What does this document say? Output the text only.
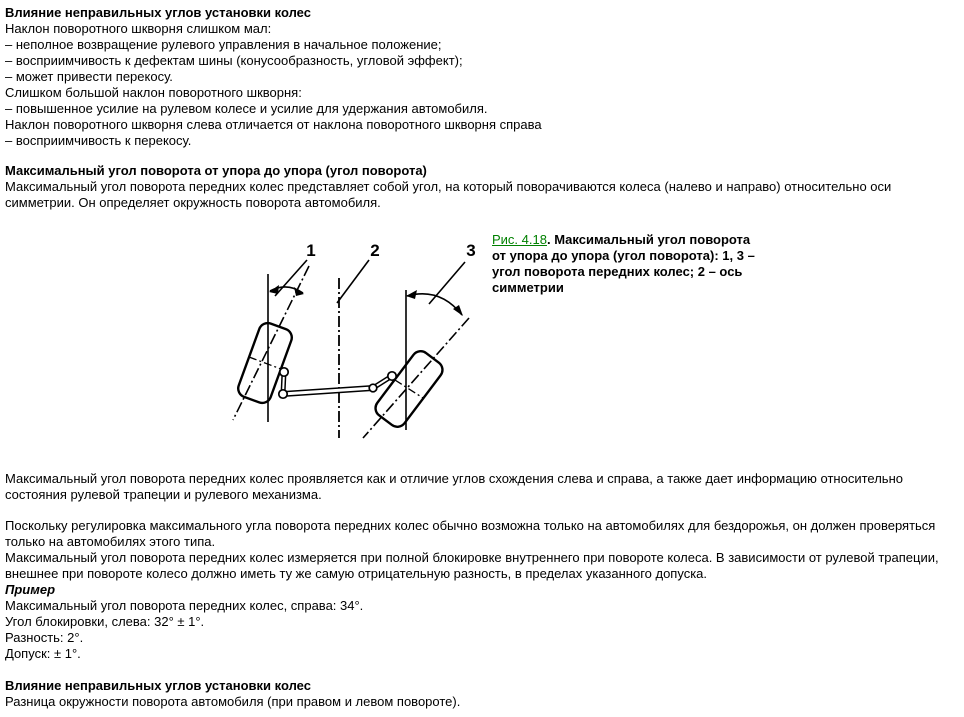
Влияние неправильных углов установки колес
Наклон поворотного шкворня слишком мал:
– неполное возвращение рулевого управления в начальное положение;
– восприимчивость к дефектам шины (конусообразность, угловой эффект);
– может привести перекосу.
Слишком большой наклон поворотного шкворня:
– повышенное усилие на рулевом колесе и усилие для удержания автомобиля.
Наклон поворотного шкворня слева отличается от наклона поворотного шкворня справа
– восприимчивость к перекосу.
Максимальный угол поворота от упора до упора (угол поворота)
Максимальный угол поворота передних колес представляет собой угол, на который поворачиваются колеса (налево и направо) относительно оси симметрии. Он определяет окружность поворота автомобиля.
1	2	3
Рис. 4.18. Максимальный угол поворота от упора до упора (угол поворота): 1, 3 – угол поворота передних колес; 2 – ось симметрии
Максимальный угол поворота передних колес проявляется как и отличие углов схождения слева и справа, а также дает информацию относительно состояния рулевой трапеции и рулевого механизма.
Поскольку регулировка максимального угла поворота передних колес обычно возможна только на автомобилях для бездорожья, он должен проверяться только на автомобилях этого типа.
Максимальный угол поворота передних колес измеряется при полной блокировке внутреннего при повороте колеса. В зависимости от рулевой трапеции, внешнее при повороте колесо должно иметь ту же самую отрицательную разность, в пределах указанного допуска.
Пример
Максимальный угол поворота передних колес, справа: 34°.
Угол блокировки, слева: 32° ± 1°.
Разность: 2°.
Допуск: ± 1°.
Влияние неправильных углов установки колес
Разница окружности поворота автомобиля (при правом и левом повороте).
